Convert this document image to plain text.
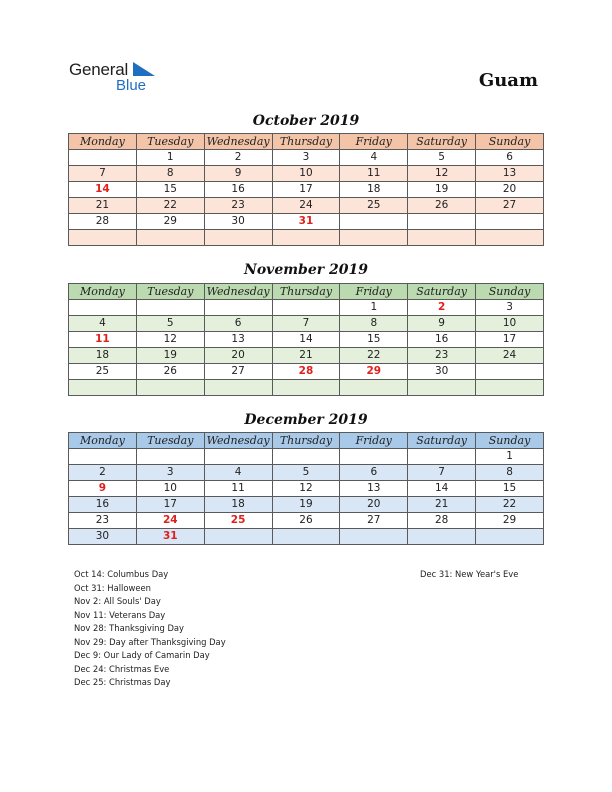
General
Blue	Guam
October 2019
Monday	Tuesday	Wednesday	Thursday	Friday	Saturday	Sunday
	1	2	3	4	5	6
7	8	9	10	11	12	13
14	15	16	17	18	19	20
21	22	23	24	25	26	27
28	29	30	31			

November 2019
Monday	Tuesday	Wednesday	Thursday	Friday	Saturday	Sunday
				1	2	3
4	5	6	7	8	9	10
11	12	13	14	15	16	17
18	19	20	21	22	23	24
25	26	27	28	29	30	

December 2019
Monday	Tuesday	Wednesday	Thursday	Friday	Saturday	Sunday
						1
2	3	4	5	6	7	8
9	10	11	12	13	14	15
16	17	18	19	20	21	22
23	24	25	26	27	28	29
30	31					
Oct 14: Columbus Day
Oct 31: Halloween
Nov 2: All Souls' Day
Nov 11: Veterans Day
Nov 28: Thanksgiving Day
Nov 29: Day after Thanksgiving Day
Dec 9: Our Lady of Camarin Day
Dec 24: Christmas Eve
Dec 25: Christmas Day
Dec 31: New Year's Eve
